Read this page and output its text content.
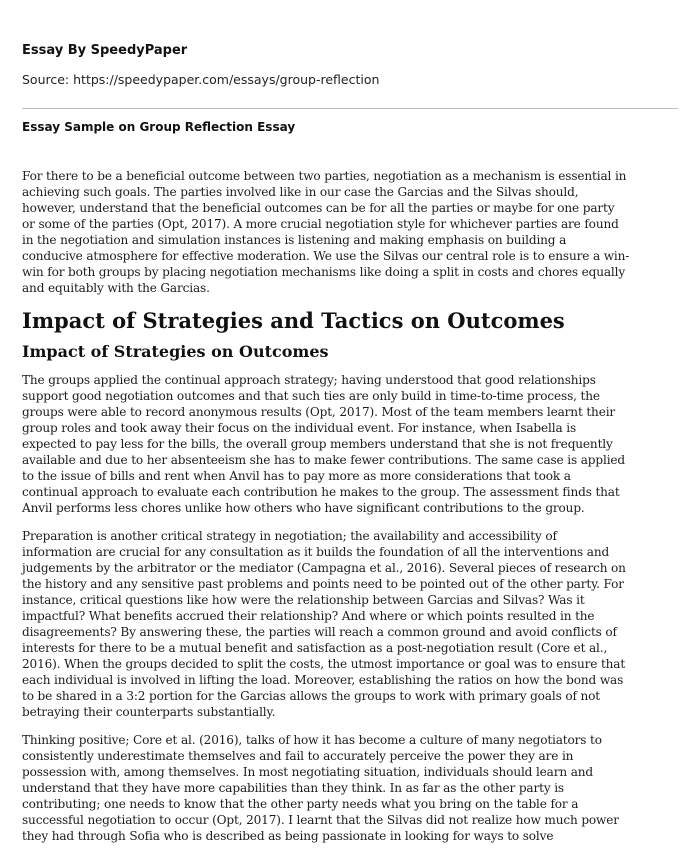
Essay By SpeedyPaper
Source: https://speedypaper.com/essays/group-reflection
Essay Sample on Group Reflection Essay

For there to be a beneficial outcome between two parties, negotiation as a mechanism is essential in
achieving such goals. The parties involved like in our case the Garcias and the Silvas should,
however, understand that the beneficial outcomes can be for all the parties or maybe for one party
or some of the parties (Opt, 2017). A more crucial negotiation style for whichever parties are found
in the negotiation and simulation instances is listening and making emphasis on building a
conducive atmosphere for effective moderation. We use the Silvas our central role is to ensure a win-
win for both groups by placing negotiation mechanisms like doing a split in costs and chores equally
and equitably with the Garcias.

Impact of Strategies and Tactics on Outcomes
Impact of Strategies on Outcomes

The groups applied the continual approach strategy; having understood that good relationships
support good negotiation outcomes and that such ties are only build in time-to-time process, the
groups were able to record anonymous results (Opt, 2017). Most of the team members learnt their
group roles and took away their focus on the individual event. For instance, when Isabella is
expected to pay less for the bills, the overall group members understand that she is not frequently
available and due to her absenteeism she has to make fewer contributions. The same case is applied
to the issue of bills and rent when Anvil has to pay more as more considerations that took a
continual approach to evaluate each contribution he makes to the group. The assessment finds that
Anvil performs less chores unlike how others who have significant contributions to the group.

Preparation is another critical strategy in negotiation; the availability and accessibility of
information are crucial for any consultation as it builds the foundation of all the interventions and
judgements by the arbitrator or the mediator (Campagna et al., 2016). Several pieces of research on
the history and any sensitive past problems and points need to be pointed out of the other party. For
instance, critical questions like how were the relationship between Garcias and Silvas? Was it
impactful? What benefits accrued their relationship? And where or which points resulted in the
disagreements? By answering these, the parties will reach a common ground and avoid conflicts of
interests for there to be a mutual benefit and satisfaction as a post-negotiation result (Core et al.,
2016). When the groups decided to split the costs, the utmost importance or goal was to ensure that
each individual is involved in lifting the load. Moreover, establishing the ratios on how the bond was
to be shared in a 3:2 portion for the Garcias allows the groups to work with primary goals of not
betraying their counterparts substantially.

Thinking positive; Core et al. (2016), talks of how it has become a culture of many negotiators to
consistently underestimate themselves and fail to accurately perceive the power they are in
possession with, among themselves. In most negotiating situation, individuals should learn and
understand that they have more capabilities than they think. In as far as the other party is
contributing; one needs to know that the other party needs what you bring on the table for a
successful negotiation to occur (Opt, 2017). I learnt that the Silvas did not realize how much power
they had through Sofia who is described as being passionate in looking for ways to solve
